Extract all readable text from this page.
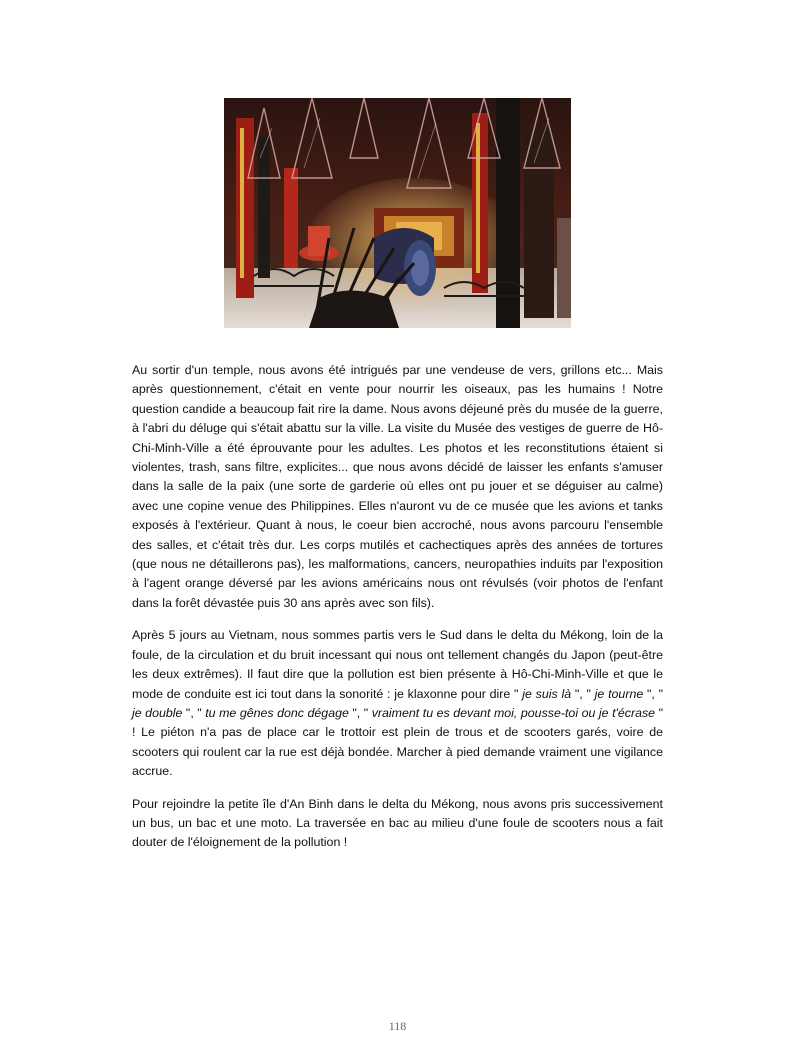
Au sortir d'un temple, nous avons été intrigués par une vendeuse de vers, grillons etc... Mais après questionnement, c'était en vente pour nourrir les oiseaux, pas les humains ! Notre question candide a beaucoup fait rire la dame. Nous avons déjeuné près du musée de la guerre, à l'abri du déluge qui s'était abattu sur la ville. La visite du Musée des vestiges de guerre de Hô-Chi-Minh-Ville a été éprouvante pour les adultes. Les photos et les reconstitutions étaient si violentes, trash, sans filtre, explicites... que nous avons décidé de laisser les enfants s'amuser dans la salle de la paix (une sorte de garderie où elles ont pu jouer et se déguiser au calme) avec une copine venue des Philippines. Elles n'auront vu de ce musée que les avions et tanks exposés à l'extérieur. Quant à nous, le coeur bien accroché, nous avons parcouru l'ensemble des salles, et c'était très dur. Les corps mutilés et cachectiques après des années de tortures (que nous ne détaillerons pas), les malformations, cancers, neuropathies induits par l'exposition à l'agent orange déversé par les avions américains nous ont révulsés (voir photos de l'enfant dans la forêt dévastée puis 30 ans après avec son fils).

Après 5 jours au Vietnam, nous sommes partis vers le Sud dans le delta du Mékong, loin de la foule, de la circulation et du bruit incessant qui nous ont tellement changés du Japon (peut-être les deux extrêmes). Il faut dire que la pollution est bien présente à Hô-Chi-Minh-Ville et que le mode de conduite est ici tout dans la sonorité : je klaxonne pour dire " je suis là ", " je tourne ", " je double ", " tu me gênes donc dégage ", " vraiment tu es devant moi, pousse-toi ou je t'écrase " ! Le piéton n'a pas de place car le trottoir est plein de trous et de scooters garés, voire de scooters qui roulent car la rue est déjà bondée. Marcher à pied demande vraiment une vigilance accrue.

Pour rejoindre la petite île d'An Binh dans le delta du Mékong, nous avons pris successivement un bus, un bac et une moto. La traversée en bac au milieu d'une foule de scooters nous a fait douter de l'éloignement de la pollution !

118
